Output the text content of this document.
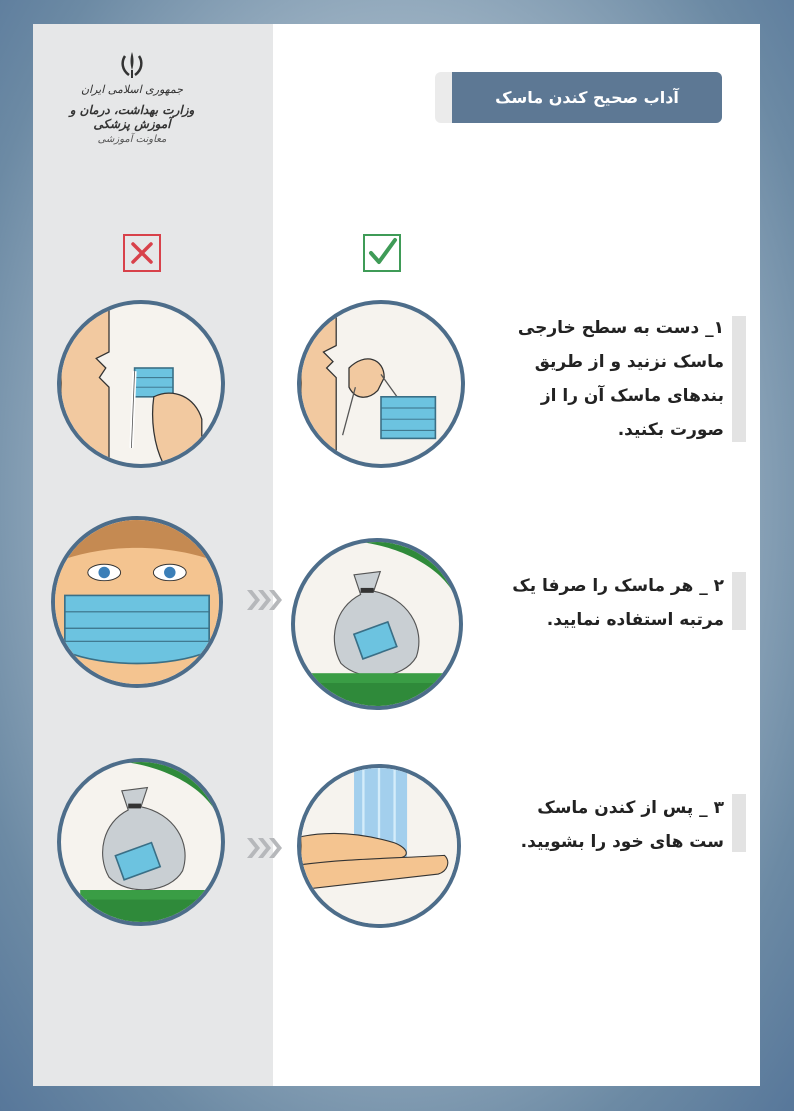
جمهوری اسلامی ایران
وزارت بهداشت، درمان و آموزش پزشکی
معاونت آموزشی
آداب صحیح کندن ماسک
۱_ دست به سطح خارجی
ماسک نزنید و از طریق
بندهای ماسک آن را از
صورت بکنید.
۲ _ هر ماسک را صرفا یک
مرتبه استفاده نمایید.
۳ _ پس از کندن ماسک
ست های خود را بشویید.
